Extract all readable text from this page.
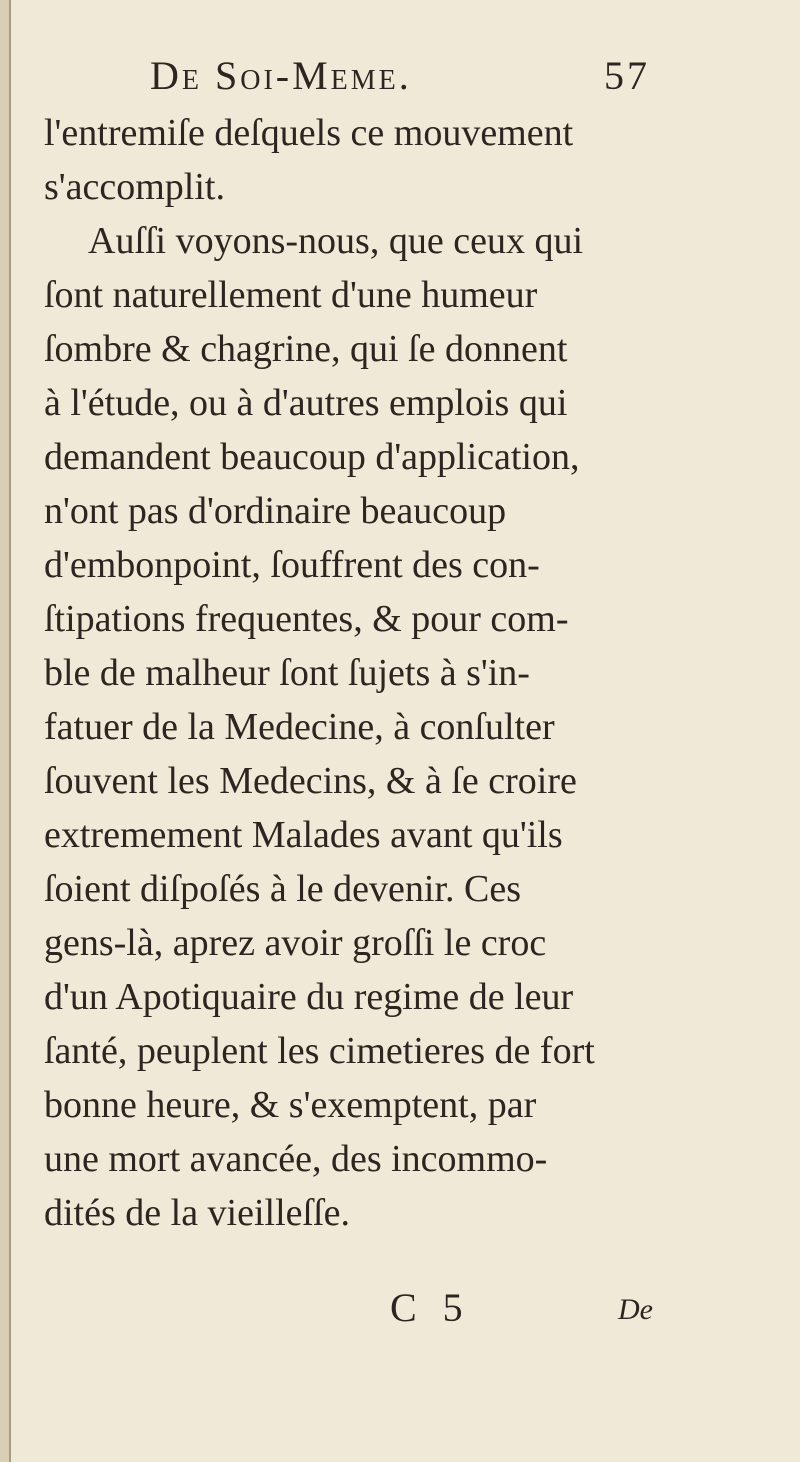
De Soi-Meme.	57
l'entremiſe deſquels ce mouvement
s'accomplit.
Auſſi voyons-nous, que ceux qui
ſont naturellement d'une humeur
ſombre & chagrine, qui ſe donnent
à l'étude, ou à d'autres emplois qui
demandent beaucoup d'application,
n'ont pas d'ordinaire beaucoup
d'embonpoint, ſouffrent des con-
ſtipations frequentes, & pour com-
ble de malheur ſont ſujets à s'in-
fatuer de la Medecine, à conſulter
ſouvent les Medecins, & à ſe croire
extremement Malades avant qu'ils
ſoient diſpoſés à le devenir. Ces
gens-là, aprez avoir groſſi le croc
d'un Apotiquaire du regime de leur
ſanté, peuplent les cimetieres de fort
bonne heure, & s'exemptent, par
une mort avancée, des incommo-
dités de la vieilleſſe.
C 5	De
